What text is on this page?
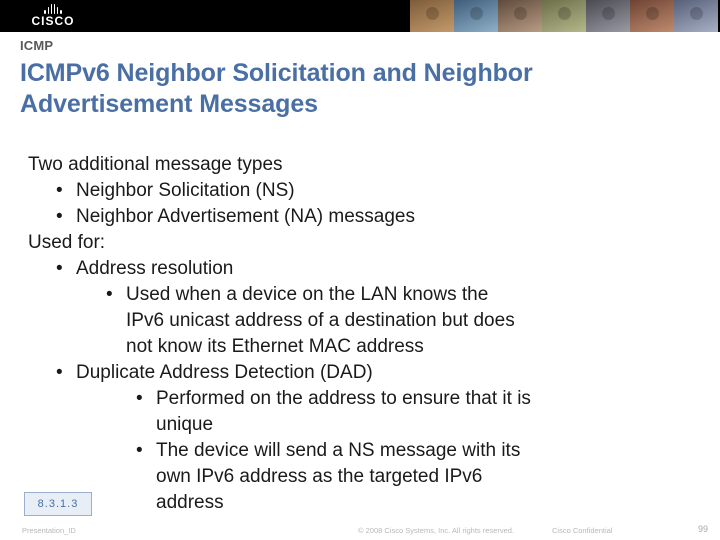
CISCO
ICMP
ICMPv6 Neighbor Solicitation and Neighbor Advertisement Messages
Two additional message types
• Neighbor Solicitation (NS)
• Neighbor Advertisement (NA) messages
Used for:
• Address resolution
• Used when a device on the LAN knows the
IPv6 unicast address of a destination but does
not know its Ethernet MAC address
• Duplicate Address Detection (DAD)
• Performed on the address to ensure that it is
unique
• The device will send a NS message with its
own IPv6 address as the targeted IPv6
address
8.3.1.3
Presentation_ID	© 2008 Cisco Systems, Inc. All rights reserved.	Cisco Confidential	99
